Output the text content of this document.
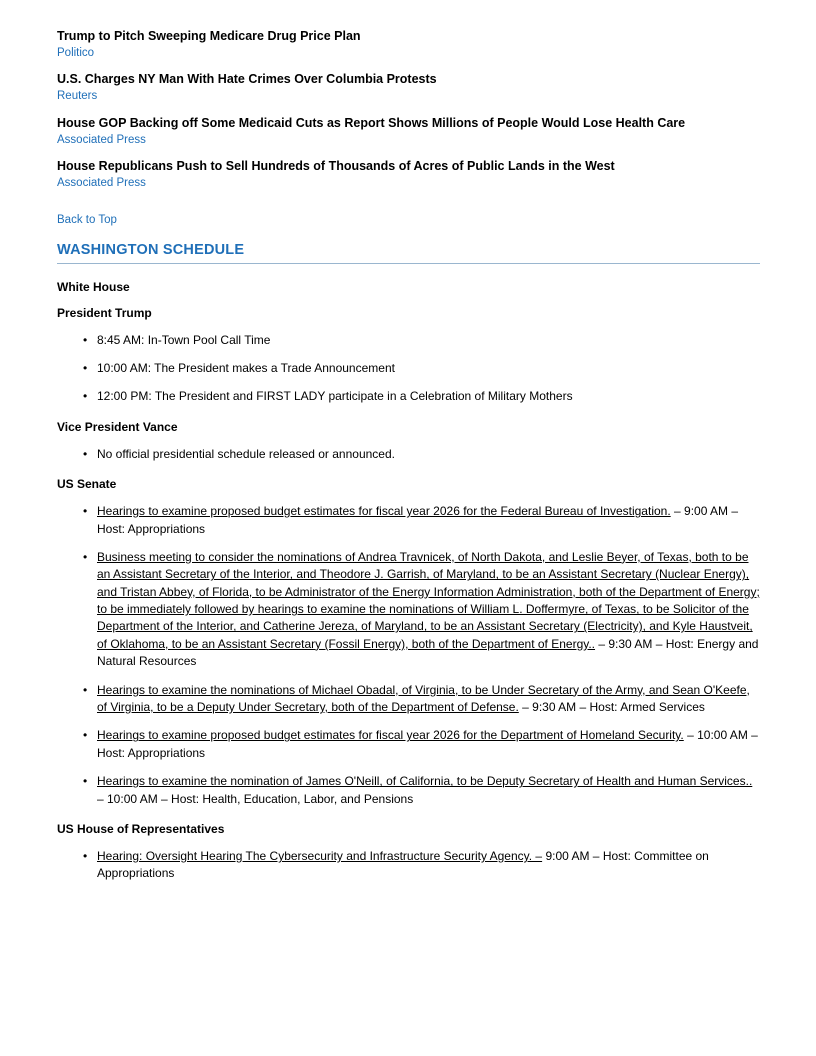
Trump to Pitch Sweeping Medicare Drug Price Plan
Politico
U.S. Charges NY Man With Hate Crimes Over Columbia Protests
Reuters
House GOP Backing off Some Medicaid Cuts as Report Shows Millions of People Would Lose Health Care
Associated Press
House Republicans Push to Sell Hundreds of Thousands of Acres of Public Lands in the West
Associated Press
Back to Top
WASHINGTON SCHEDULE
White House
President Trump
• 8:45 AM: In-Town Pool Call Time
• 10:00 AM: The President makes a Trade Announcement
• 12:00 PM: The President and FIRST LADY participate in a Celebration of Military Mothers
Vice President Vance
• No official presidential schedule released or announced.
US Senate
• Hearings to examine proposed budget estimates for fiscal year 2026 for the Federal Bureau of Investigation. – 9:00 AM – Host: Appropriations
• Business meeting to consider the nominations of Andrea Travnicek, of North Dakota, and Leslie Beyer, of Texas, both to be an Assistant Secretary of the Interior, and Theodore J. Garrish, of Maryland, to be an Assistant Secretary (Nuclear Energy), and Tristan Abbey, of Florida, to be Administrator of the Energy Information Administration, both of the Department of Energy; to be immediately followed by hearings to examine the nominations of William L. Doffermyre, of Texas, to be Solicitor of the Department of the Interior, and Catherine Jereza, of Maryland, to be an Assistant Secretary (Electricity), and Kyle Haustveit, of Oklahoma, to be an Assistant Secretary (Fossil Energy), both of the Department of Energy.. – 9:30 AM – Host: Energy and Natural Resources
• Hearings to examine the nominations of Michael Obadal, of Virginia, to be Under Secretary of the Army, and Sean O'Keefe, of Virginia, to be a Deputy Under Secretary, both of the Department of Defense. – 9:30 AM – Host: Armed Services
• Hearings to examine proposed budget estimates for fiscal year 2026 for the Department of Homeland Security. – 10:00 AM – Host: Appropriations
• Hearings to examine the nomination of James O'Neill, of California, to be Deputy Secretary of Health and Human Services.. – 10:00 AM – Host: Health, Education, Labor, and Pensions
US House of Representatives
• Hearing: Oversight Hearing The Cybersecurity and Infrastructure Security Agency. – 9:00 AM – Host: Committee on Appropriations
